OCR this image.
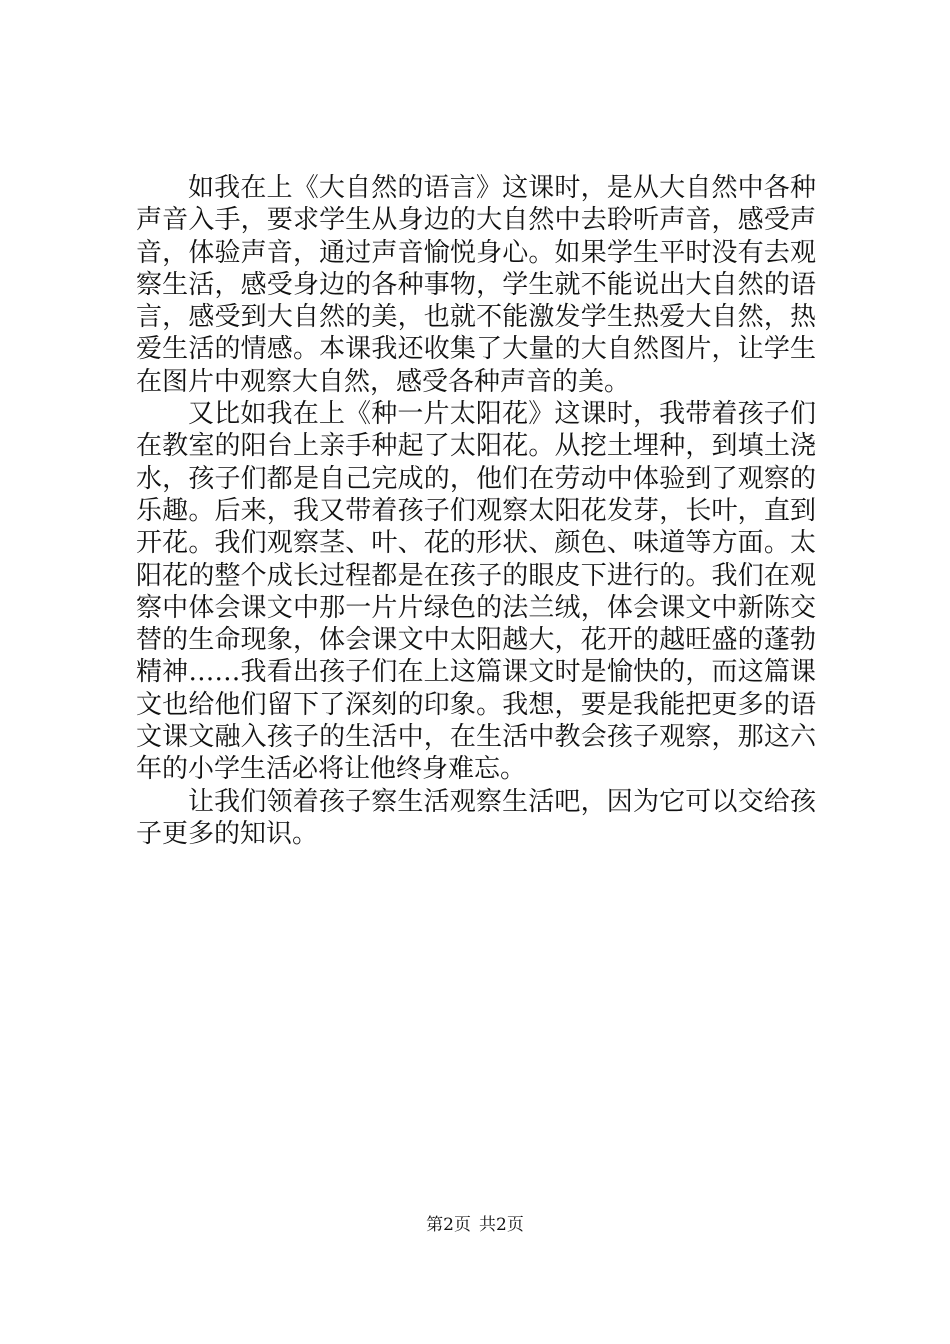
如我在上《大自然的语言》这课时，是从大自然中各种声音入手，要求学生从身边的大自然中去聆听声音，感受声音，体验声音，通过声音愉悦身心。如果学生平时没有去观察生活，感受身边的各种事物，学生就不能说出大自然的语言，感受到大自然的美，也就不能激发学生热爱大自然，热爱生活的情感。本课我还收集了大量的大自然图片，让学生在图片中观察大自然，感受各种声音的美。

又比如我在上《种一片太阳花》这课时，我带着孩子们在教室的阳台上亲手种起了太阳花。从挖土埋种，到填土浇水，孩子们都是自己完成的，他们在劳动中体验到了观察的乐趣。后来，我又带着孩子们观察太阳花发芽，长叶，直到开花。我们观察茎、叶、花的形状、颜色、味道等方面。太阳花的整个成长过程都是在孩子的眼皮下进行的。我们在观察中体会课文中那一片片绿色的法兰绒，体会课文中新陈交替的生命现象，体会课文中太阳越大，花开的越旺盛的蓬勃精神……我看出孩子们在上这篇课文时是愉快的，而这篇课文也给他们留下了深刻的印象。我想，要是我能把更多的语文课文融入孩子的生活中，在生活中教会孩子观察，那这六年的小学生活必将让他终身难忘。

让我们领着孩子察生活观察生活吧，因为它可以交给孩子更多的知识。

第2页 共2页
